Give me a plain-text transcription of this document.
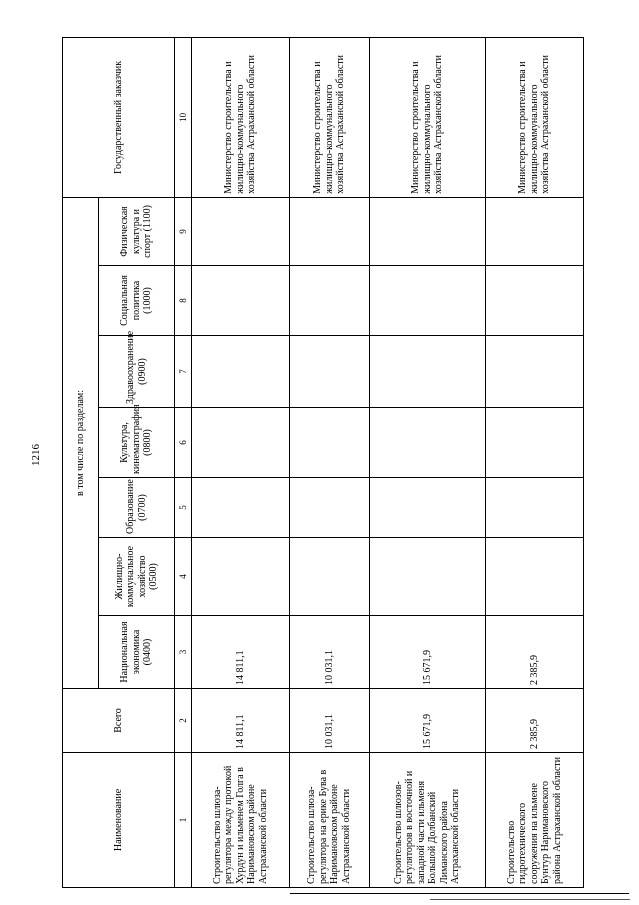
1216
Наименование	Всего	в том числе по разделам:							Государственный заказчик
		Национальная экономика (0400)	Жилищно-коммунальное хозяйство (0500)	Образование (0700)	Культура, кинематография (0800)	Здравоохранение (0900)	Социальная политика (1000)	Физическая культура и спорт (1100)	
1	2	3	4	5	6	7	8	9	10
Строительство шлюза-регулятора между протокой Хурдун и ильменем Голга в Наримановском районе Астраханской области	14 811,1	14 811,1							Министерство строительства и жилищно-коммунального хозяйства Астраханской области
Строительство шлюза-регулятора на ерике Бува в Наримановском районе Астраханской области	10 031,1	10 031,1							Министерство строительства и жилищно-коммунального хозяйства Астраханской области
Строительство шлюзов-регуляторов в восточной и западной части ильменя Большой Долбанский Лиманского района Астраханской области	15 671,9	15 671,9							Министерство строительства и жилищно-коммунального хозяйства Астраханской области
Строительство гидротехнического сооружения на ильмене Бунтур Наримановского района Астраханской области	2 385,9	2 385,9							Министерство строительства и жилищно-коммунального хозяйства Астраханской области
